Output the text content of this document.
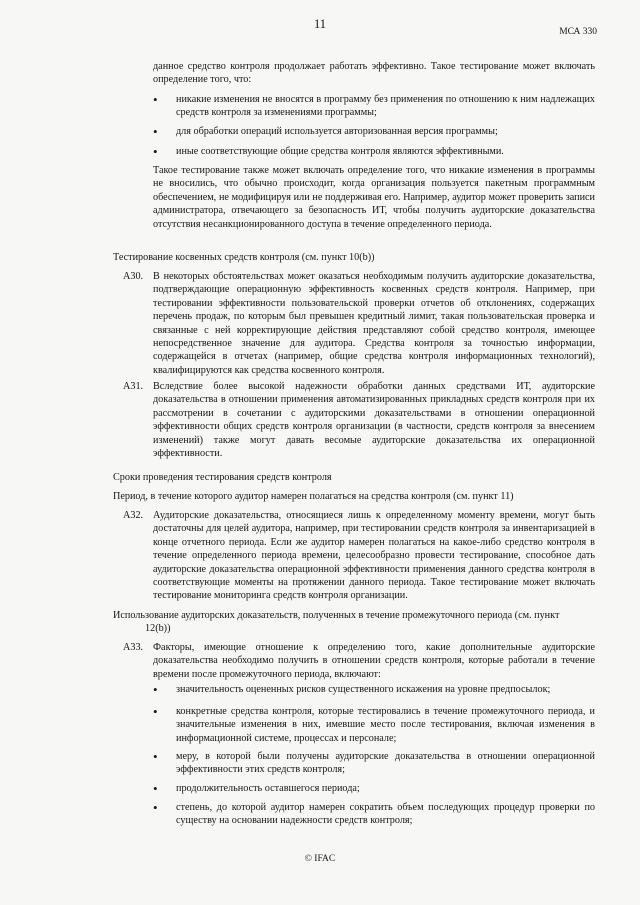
11
МСА 330

данное средство контроля продолжает работать эффективно. Такое тестирование может включать определение того, что:

•
никакие изменения не вносятся в программу без применения по отношению к ним надлежащих средств контроля за изменениями программы;
•
для обработки операций используется авторизованная версия программы;
•
иные соответствующие общие средства контроля являются эффективными.

Такое тестирование также может включать определение того, что никакие изменения в программы не вносились, что обычно происходит, когда организация пользуется пакетным программным обеспечением, не модифицируя или не поддерживая его. Например, аудитор может проверить записи администратора, отвечающего за безопасность ИТ, чтобы получить аудиторские доказательства отсутствия несанкционированного доступа в течение определенного периода.

Тестирование косвенных средств контроля (см. пункт 10(b))
A30. В некоторых обстоятельствах может оказаться необходимым получить аудиторские доказательства, подтверждающие операционную эффективность косвенных средств контроля. Например, при тестировании эффективности пользовательской проверки отчетов об отклонениях, содержащих перечень продаж, по которым был превышен кредитный лимит, такая пользовательская проверка и связанные с ней корректирующие действия представляют собой средство контроля, имеющее непосредственное значение для аудитора. Средства контроля за точностью информации, содержащейся в отчетах (например, общие средства контроля информационных технологий), квалифицируются как средства косвенного контроля.
A31. Вследствие более высокой надежности обработки данных средствами ИТ, аудиторские доказательства в отношении применения автоматизированных прикладных средств контроля при их рассмотрении в сочетании с аудиторскими доказательствами в отношении операционной эффективности общих средств контроля организации (в частности, средств контроля за внесением изменений) также могут давать весомые аудиторские доказательства их операционной эффективности.
Сроки проведения тестирования средств контроля
Период, в течение которого аудитор намерен полагаться на средства контроля (см. пункт 11)
A32. Аудиторские доказательства, относящиеся лишь к определенному моменту времени, могут быть достаточны для целей аудитора, например, при тестировании средств контроля за инвентаризацией в конце отчетного периода. Если же аудитор намерен полагаться на какое-либо средство контроля в течение определенного периода времени, целесообразно провести тестирование, способное дать аудиторские доказательства операционной эффективности применения данного средства контроля в соответствующие моменты на протяжении данного периода. Такое тестирование может включать тестирование мониторинга средств контроля организации.
Использование аудиторских доказательств, полученных в течение промежуточного периода (см. пункт
12(b))
A33. Факторы, имеющие отношение к определению того, какие дополнительные аудиторские доказательства необходимо получить в отношении средств контроля, которые работали в течение времени после промежуточного периода, включают:
•
значительность оцененных рисков существенного искажения на уровне предпосылок;
•
конкретные средства контроля, которые тестировались в течение промежуточного периода, и значительные изменения в них, имевшие место после тестирования, включая изменения в информационной системе, процессах и персонале;
•
меру, в которой были получены аудиторские доказательства в отношении операционной эффективности этих средств контроля;
•
продолжительность оставшегося периода;
•
степень, до которой аудитор намерен сократить объем последующих процедур проверки по существу на основании надежности средств контроля;
© IFAC
